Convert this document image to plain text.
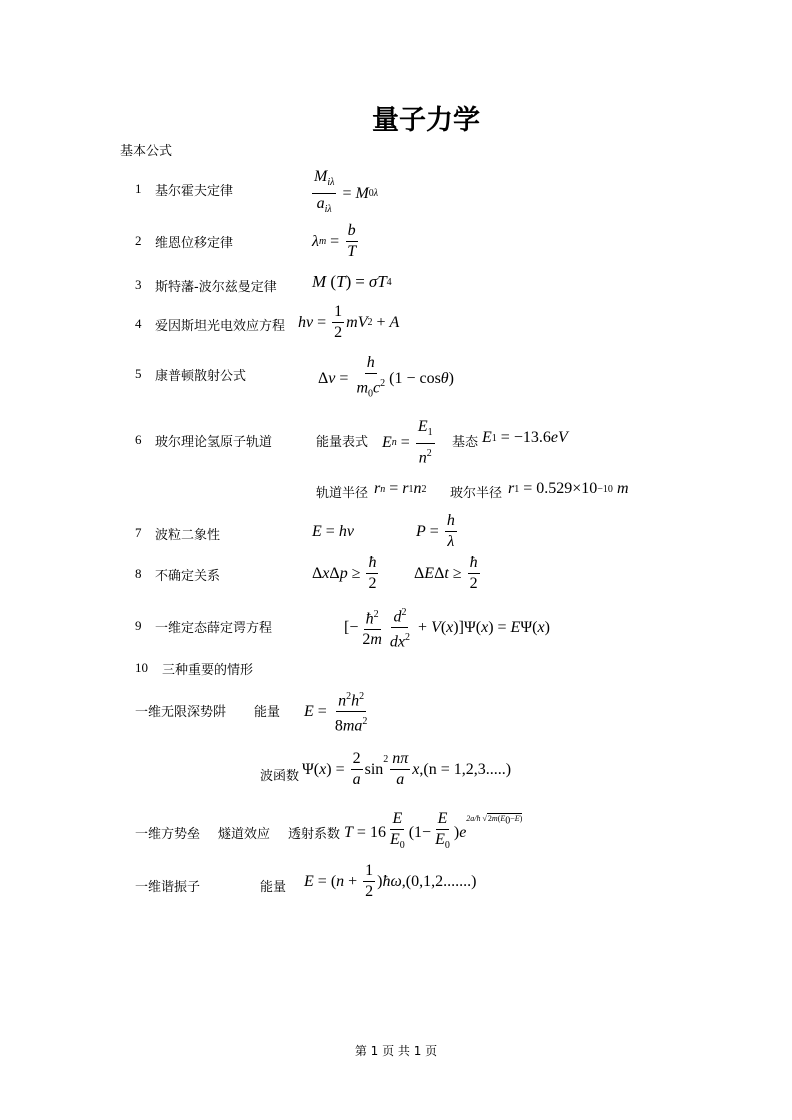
量子力学
基本公式
1 基尔霍夫定律	$\frac{M_{i\lambda}}{a_{i\lambda}} = M$ 0λ
2 维恩位移定律	λ $m = \frac{b}{T}$
3 斯特藩-波尔兹曼定律 M ( T ) = σT 4
4 爱因斯坦光电效应方程 $h\nu = \frac{1}{2}$ mV 2 + A
5 康普顿散射公式	Δ $\nu = \frac{h}{m_0c^2} (1 - \cos \theta$ )
6 玻尔理论氢原子轨道	能量表式 E $n = \frac{E_1}{n^2}$ 基态 E 1 = −13.6 eV
轨道半径 r n = r 1 n 2 玻尔半径 r 1 = 0.529×10 −10
m
7 波粒二象性	E = hν	$P = \frac{h}{\lambda}$
8 不确定关系	Δ x Δ $p \ge \frac{ħ}{2}$ Δ E Δ $t \ge \frac{ħ}{2}$
9 一维定态薛定谔方程	[− $\frac{ħ^2}{2m} \frac{d^2}{dx^2} + V$ ( x )]Ψ( x ) = E Ψ( x )
10 三种重要的情形
一维无限深势阱 能量 $E = \frac{n^2h^2}{8ma^2}$
波函数 Ψ( x ) = $\frac{2}{a}$ sin
$^2 \frac{n\pi}{a}$ x , (n = 1,2,3.....)
一维方势垒 燧道效应 透射系数 $T = 16 \frac{E}{E_0} (1- \frac{E}{E_0}$ ) e
$^{2a/ħ √2m(E_0-E)}$
一维谐振子	能量 E = ( $n + \frac{1}{2}$ ) ħω ,(0,1,2.......)
第 1 页 共 1 页
